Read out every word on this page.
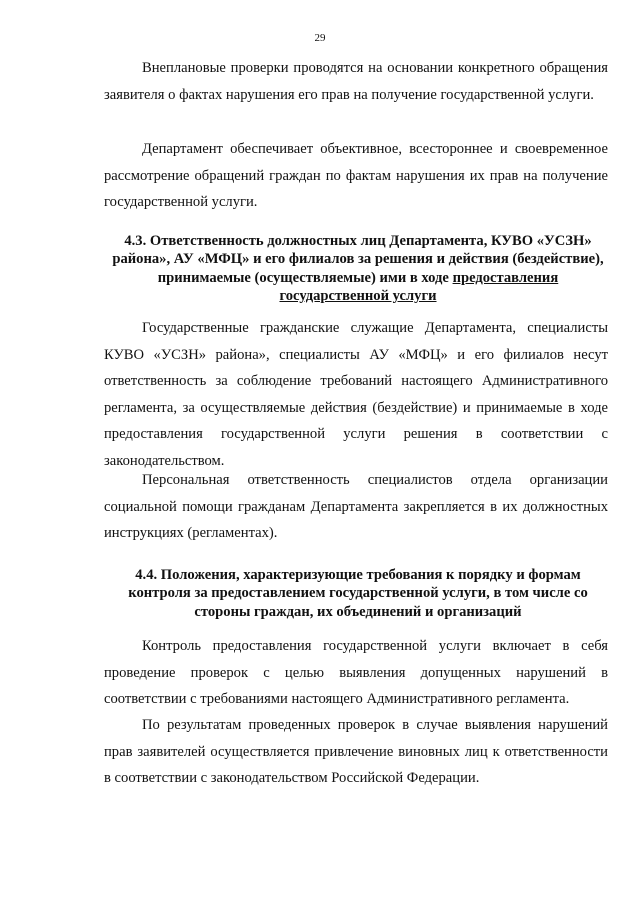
29

Внеплановые проверки проводятся на основании конкретного обращения заявителя о фактах нарушения его прав на получение государственной услуги.

Департамент обеспечивает объективное, всестороннее и своевременное рассмотрение обращений граждан по фактам нарушения их прав на получение государственной услуги.

4.3. Ответственность должностных лиц Департамента, КУВО «УСЗН» района», АУ «МФЦ» и его филиалов за решения и действия (бездействие), принимаемые (осуществляемые) ими в ходе предоставления государственной услуги

Государственные гражданские служащие Департамента, специалисты КУВО «УСЗН» района», специалисты АУ «МФЦ» и его филиалов несут ответственность за соблюдение требований настоящего Административного регламента, за осуществляемые действия (бездействие) и принимаемые в ходе предоставления государственной услуги решения в соответствии с законодательством.

Персональная ответственность специалистов отдела организации социальной помощи гражданам Департамента закрепляется в их должностных инструкциях (регламентах).

4.4. Положения, характеризующие требования к порядку и формам контроля за предоставлением государственной услуги, в том числе со стороны граждан, их объединений и организаций

Контроль предоставления государственной услуги включает в себя проведение проверок с целью выявления допущенных нарушений в соответствии с требованиями настоящего Административного регламента.

По результатам проведенных проверок в случае выявления нарушений прав заявителей осуществляется привлечение виновных лиц к ответственности в соответствии с законодательством Российской Федерации.
